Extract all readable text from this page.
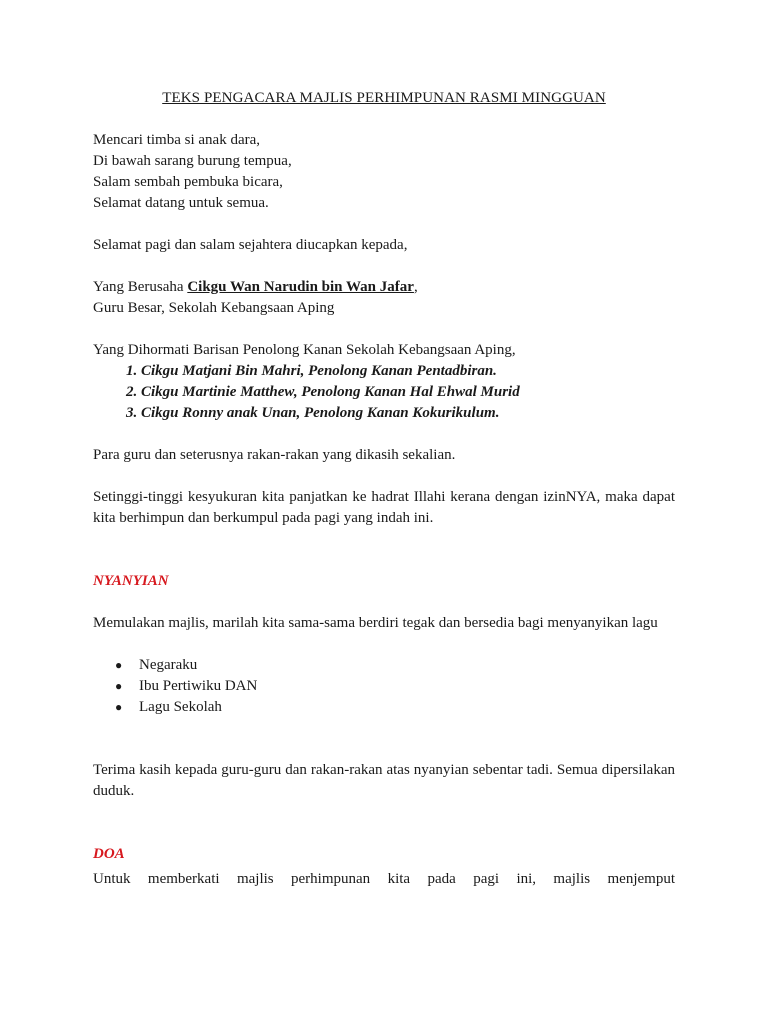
TEKS PENGACARA MAJLIS PERHIMPUNAN RASMI MINGGUAN

Mencari timba si anak dara,

Di bawah sarang burung tempua,

Salam sembah pembuka bicara,

Selamat datang untuk semua.

Selamat pagi dan salam sejahtera diucapkan kepada,

Yang Berusaha Cikgu Wan Narudin bin Wan Jafar,

Guru Besar, Sekolah Kebangsaan Aping

Yang Dihormati Barisan Penolong Kanan Sekolah Kebangsaan Aping,

1. Cikgu Matjani Bin Mahri, Penolong Kanan Pentadbiran.
2. Cikgu Martinie Matthew, Penolong Kanan Hal Ehwal Murid
3. Cikgu Ronny anak Unan, Penolong Kanan Kokurikulum.

Para guru dan seterusnya rakan-rakan yang dikasih sekalian.

Setinggi-tinggi kesyukuran kita panjatkan ke hadrat Illahi kerana dengan izinNYA, maka dapat kita berhimpun dan berkumpul pada pagi yang indah ini.

NYANYIAN

Memulakan majlis, marilah kita sama-sama berdiri tegak dan bersedia bagi menyanyikan lagu

● Negaraku
● Ibu Pertiwiku DAN
● Lagu Sekolah

Terima kasih kepada guru-guru dan rakan-rakan atas nyanyian sebentar tadi. Semua dipersilakan duduk.

DOA

Untuk memberkati majlis perhimpunan kita pada pagi ini, majlis menjemput
